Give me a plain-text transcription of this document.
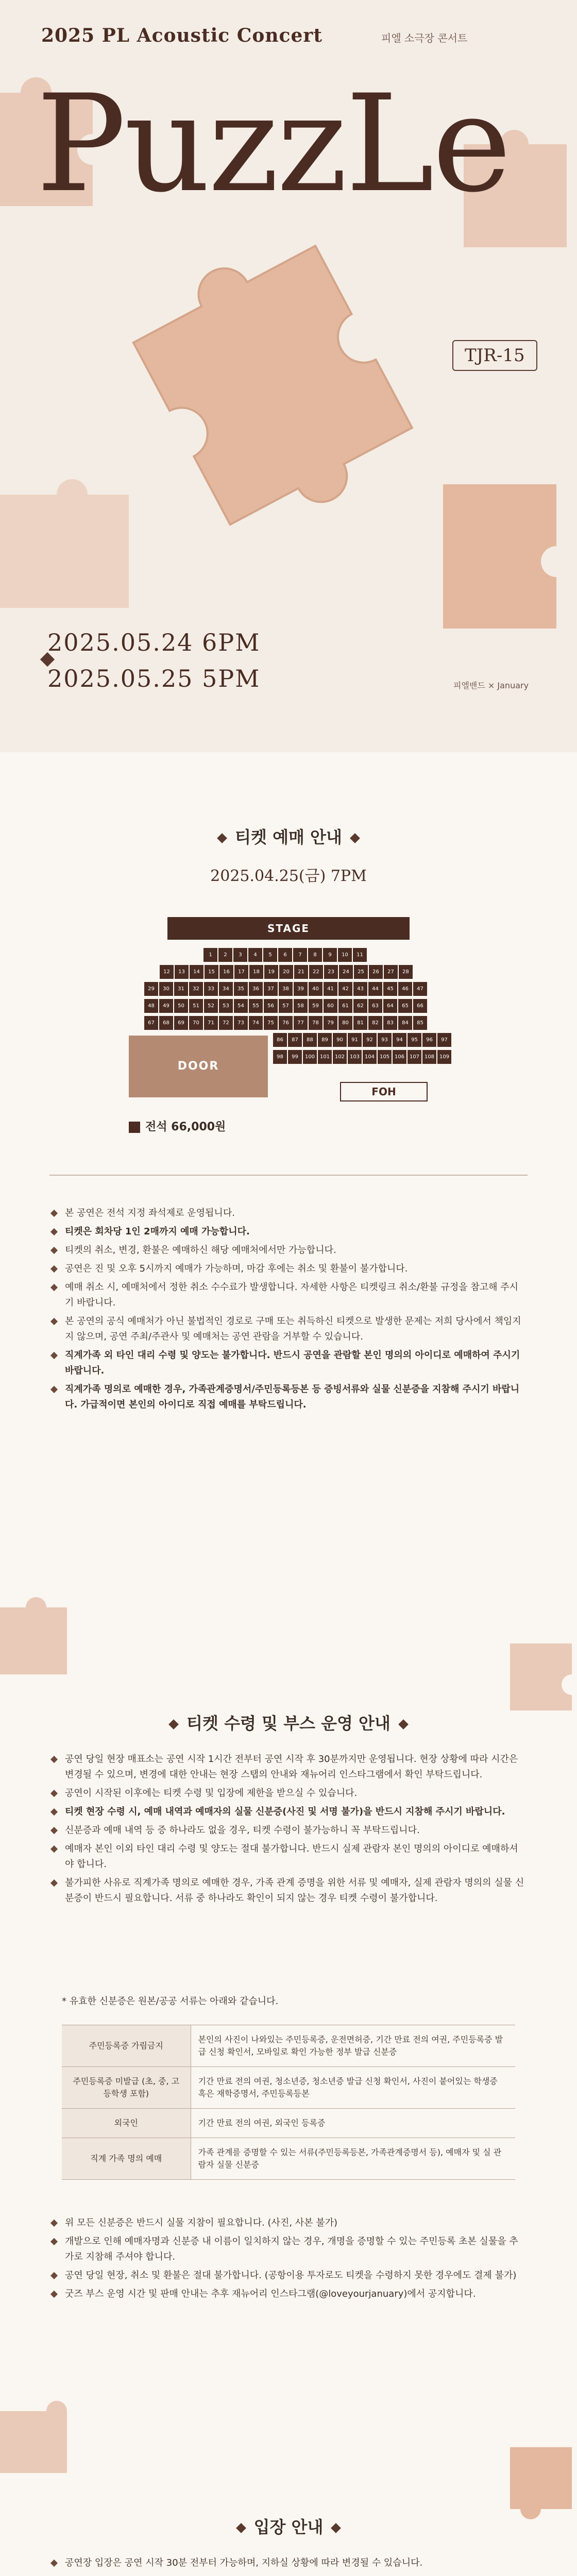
2025 PL Acoustic Concert	피엘 소극장 콘서트
PuzzLe
2025.05.24 6PM
2025.05.25 5PM
TJR-15
피엘밴드 × January
티켓 예매 안내
2025.04.25(금) 7PM
STAGE
1	2	3	4	5	6	7	8	9	10	11
12	13	14	15	16	17	18	19	20	21	22	23	24	25	26	27	28
29	30	31	32	33	34	35	36	37	38	39	40	41	42	43	44	45	46	47
48	49	50	51	52	53	54	55	56	57	58	59	60	61	62	63	64	65	66
67	68	69	70	71	72	73	74	75	76	77	78	79	80	81	82	83	84	85
86	87	88	89	90	91	92	93	94	95	96	97
98	99	100 101 102 103 104 105 106 107 108 109
DOOR
FOH
전석 66,000원
본 공연은 전석 지정 좌석제로 운영됩니다.
티켓은 회차당 1인 2매까지 예매 가능합니다.
티켓의 취소, 변경, 환불은 예매하신 해당 예매처에서만 가능합니다.
공연은 진 및 오후 5시까지 예매가 가능하며, 마감 후에는 취소 및 환불이 불가합니다.
예매 취소 시, 예매처에서 정한 취소 수수료가 발생합니다. 자세한 사항은 티켓링크 취소/환불 규정을 참고해 주시기 바랍니다.
본 공연의 공식 예매처가 아닌 불법적인 경로로 구매 또는 취득하신 티켓으로 발생한 문제는 저희 당사에서 책임지지 않으며, 공연 주최/주관사 및 예매처는 공연 관람을 거부할 수 있습니다.
직계가족 외 타인 대리 수령 및 양도는 불가합니다. 반드시 공연을 관람할 본인 명의의 아이디로 예매하여 주시기 바랍니다.
직계가족 명의로 예매한 경우, 가족관계증명서/주민등록등본 등 증빙서류와 실물 신분증을 지참해 주시기 바랍니다. 가급적이면 본인의 아이디로 직접 예매를 부탁드립니다.
티켓 수령 및 부스 운영 안내
공연 당일 현장 매표소는 공연 시작 1시간 전부터 공연 시작 후 30분까지만 운영됩니다. 현장 상황에 따라 시간은 변경될 수 있으며, 변경에 대한 안내는 현장 스탭의 안내와 재뉴어리 인스타그램에서 확인 부탁드립니다.
공연이 시작된 이후에는 티켓 수령 및 입장에 제한을 받으실 수 있습니다.
티켓 현장 수령 시, 예매 내역과 예매자의 실물 신분증(사진 및 서명 불가)을 반드시 지참해 주시기 바랍니다.
신분증과 예매 내역 등 증 하나라도 없을 경우, 티켓 수령이 불가능하니 꼭 부탁드립니다.
예매자 본인 이외 타인 대리 수령 및 양도는 절대 불가합니다. 반드시 실제 관람자 본인 명의의 아이디로 예매하셔야 합니다.
불가피한 사유로 직계가족 명의로 예매한 경우, 가족 관계 증명을 위한 서류 및 예매자, 실제 관람자 명의의 실물 신분증이 반드시 필요합니다. 서류 중 하나라도 확인이 되지 않는 경우 티켓 수령이 불가합니다.
* 유효한 신분증은 원본/공공 서류는 아래와 같습니다.
주민등록증 가림금지	본인의 사진이 나와있는 주민등록증, 운전면허증, 기간 만료 전의 여권, 주민등록증 발급 신청 확인서, 모바일로 확인 가능한 정부 발급 신분증
주민등록증 미발급 (초, 중, 고등학생 포함)	기간 만료 전의 여권, 청소년증, 청소년증 발급 신청 확인서, 사진이 붙어있는 학생증 혹은 재학증명서, 주민등록등본
외국인	기간 만료 전의 여권, 외국인 등록증
직계 가족 명의 예매	가족 관계를 증명할 수 있는 서류(주민등록등본, 가족관계증명서 등), 예매자 및 실 관람자 실물 신분증
위 모든 신분증은 반드시 실물 지참이 필요합니다. (사진, 사본 불가)
개발으로 인해 예매자명과 신분증 내 이름이 일치하지 않는 경우, 개명을 증명할 수 있는 주민등록 초본 실물을 추가로 지참해 주셔야 합니다.
공연 당일 현장, 취소 및 환불은 절대 불가합니다. (공항이용 투자로도 티켓을 수령하지 못한 경우에도 결제 불가)
굿즈 부스 운영 시간 및 판매 안내는 추후 재뉴어리 인스타그램(@loveyourjanuary)에서 공지합니다.
입장 안내
공연장 입장은 공연 시작 30분 전부터 가능하며, 지하실 상황에 따라 변경될 수 있습니다.
